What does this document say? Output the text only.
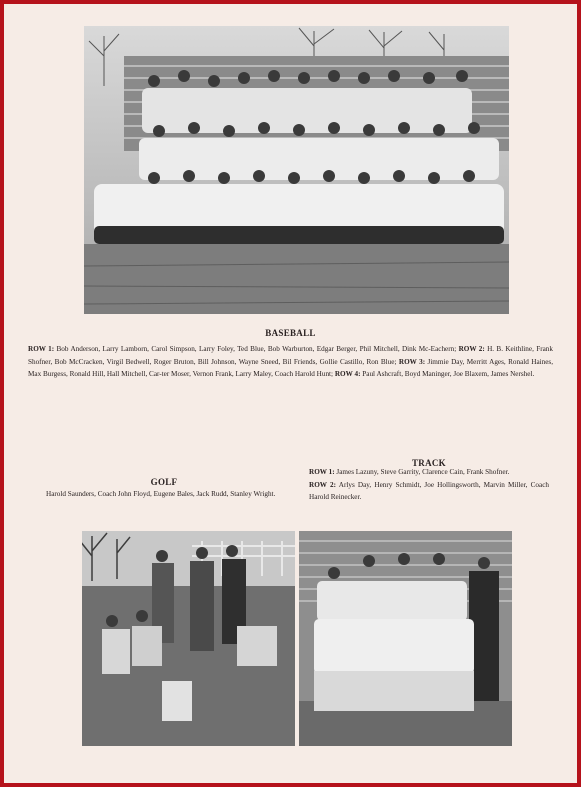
BASEBALL
ROW 1: Bob Anderson, Larry Lamborn, Carol Simpson, Larry Foley, Ted Blue, Bob Warburton, Edgar Berger, Phil Mitchell, Dink Mc-Eachern; ROW 2: H. B. Keithline, Frank Shofner, Bob McCracken, Virgil Bedwell, Roger Bruton, Bill Johnson, Wayne Sneed, Bil Friends, Gollie Castillo, Ron Blue; ROW 3: Jimmie Day, Merritt Ages, Ronald Haines, Max Burgess, Ronald Hill, Hall Mitchell, Car-ter Moser, Vernon Frank, Larry Maley, Coach Harold Hunt; ROW 4: Paul Ashcraft, Boyd Maninger, Joe Blaxem, James Nershel.
TRACK
ROW 1: James Lazuny, Steve Garrity, Clarence Cain, Frank Shofner.
ROW 2: Arlys Day, Henry Schmidt, Joe Hollingsworth, Marvin Miller, Coach Harold Reinecker.
GOLF
Harold Saunders, Coach John Floyd, Eugene Bales, Jack Rudd, Stanley Wright.
